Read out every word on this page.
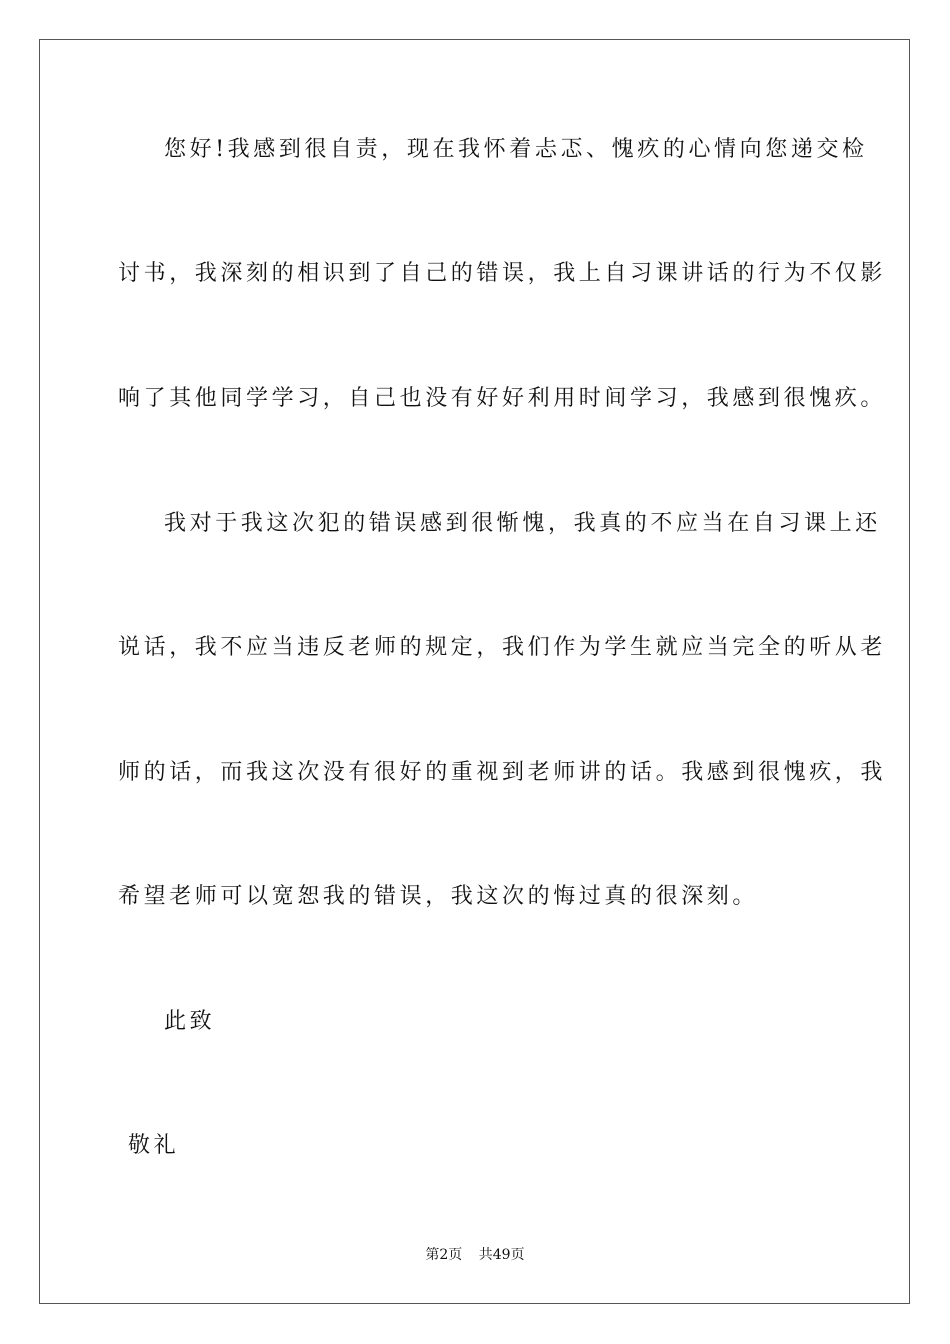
您好!我感到很自责，现在我怀着忐忑、愧疚的心情向您递交检
讨书，我深刻的相识到了自己的错误，我上自习课讲话的行为不仅影
响了其他同学学习，自己也没有好好利用时间学习，我感到很愧疚。
我对于我这次犯的错误感到很惭愧，我真的不应当在自习课上还
说话，我不应当违反老师的规定，我们作为学生就应当完全的听从老
师的话，而我这次没有很好的重视到老师讲的话。我感到很愧疚，我
希望老师可以宽恕我的错误，我这次的悔过真的很深刻。
此致
敬礼
第2页 共49页
